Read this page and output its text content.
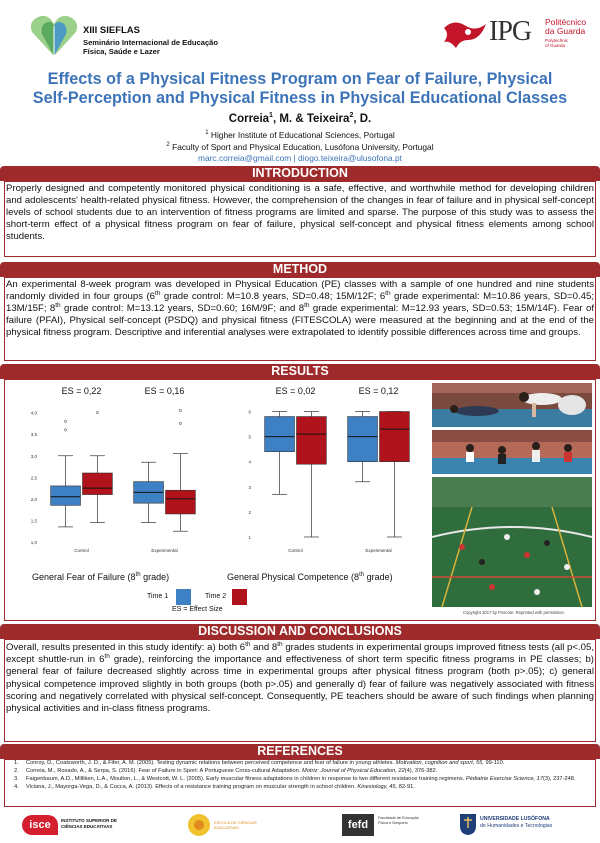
XIII SIEFLAS
Seminário Internacional de Educação
Física, Saúde e Lazer
IPG Politécnico
da Guarda
Polytechnic
of Guarda
Effects of a Physical Fitness Program on Fear of Failure, Physical
Self-Perception and Physical Fitness in Physical Educational Classes
Correia$^1$, M. & Teixeira$^2$, D.
$^1$ Higher Institute of Educational Sciences, Portugal
$^2$ Faculty of Sport and Physical Education, Lusófona University, Portugal
marc.correia@gmail.com | diogo.teixeira@ulusofona.pt
INTRODUCTION
Properly designed and competently monitored physical conditioning is a safe, effective, and worthwhile method for developing children and adolescents' health-related physical fitness. However, the comprehension of the changes in fear of failure and in physical self-concept levels of school students due to an intervention of fitness programs are limited and sparse. The purpose of this study was to assess the short-term effect of a physical fitness program on fear of failure, physical self-concept and physical fitness elements among school students.
METHOD
An experimental 8-week program was developed in Physical Education (PE) classes with a sample of one hundred and nine students randomly divided in four groups (6th grade control: M=10.8 years, SD=0.48; 15M/12F; 6th grade experimental: M=10.86 years, SD=0.45; 13M/15F; 8th grade control: M=13.12 years, SD=0.60; 16M/9F; and 8th grade experimental: M=12.93 years, SD=0.53; 15M/14F). Fear of failure (PFAI), Physical self-concept (PSDQ) and physical fitness (FITESCOLA) were measured at the beginning and at the end of the physical fitness program. Descriptive and inferential analyses were extrapolated to identify possible differences across time and groups.
RESULTS
1,0
1,5
2,0
2,5
3,0
3,5
4,0
ES = 0,22
Control
ES = 0,16
Experimental
1
2
3
4
5
6
ES = 0,02
Control
ES = 0,12
Experimental
General Fear of Failure (8th grade)	General Physical Competence (8th grade)
Time 1	Time 2
ES = Effect Size	Copyright 2017 by Poscote. Reprinted with permission.
DISCUSSION AND CONCLUSIONS
Overall, results presented in this study identify: a) both 6th and 8th grades students in experimental groups improved fitness tests (all p<.05, except shuttle-run in 6th grade), reinforcing the importance and effectiveness of short term specific fitness programs in PE classes; b) general fear of failure decreased slightly across time in experimental groups after physical fitness program (both p>.05); c) general physical competence improved slightly in both groups (both p>.05) and generally d) fear of failure was negatively associated with fitness scoring and negatively correlated with physical self-concept. Consequently, PE teachers should be aware of such findings when planning physical activities and in-class fitness programs.
REFERENCES
1. Conroy, D., Coatsworth, J. D., & Fifer, A. M. (2005). Testing dynamic relations between perceived competence and fear of failure in young athletes. Motivation, cognition and sport, 55, 99-110.
2. Correia, M., Rosado, A., & Serpa, S. (2016). Fear of Failure in Sport: A Portuguese Cross-cultural Adaptation. Motriz: Journal of Physical Education, 22(4), 376-382.
3. Faigenbaum, A.D., Milliken, L.A., Moulton, L., & Westcott, W. L. (2005). Early muscular fitness adaptations in children in response to two different resistance training regimens. Pédiatrie Exercise Science, 17(3), 237-248.
4. Viciana, J., Mayorga-Vega, D., & Cocca, A. (2013). Effects of a resistance training program on muscular strength in school children. Kinesiology, 45, 82-91.
isce	INSTITUTO SUPERIOR DE
CIÊNCIAS EDUCATIVAS
ESCOLA DE CIÊNCIAS EDUCATIVAS	fefd
Faculdade de Educação Física e Desporto
UNIVERSIDADE LUSÓFONA
de Humanidades e Tecnologias
